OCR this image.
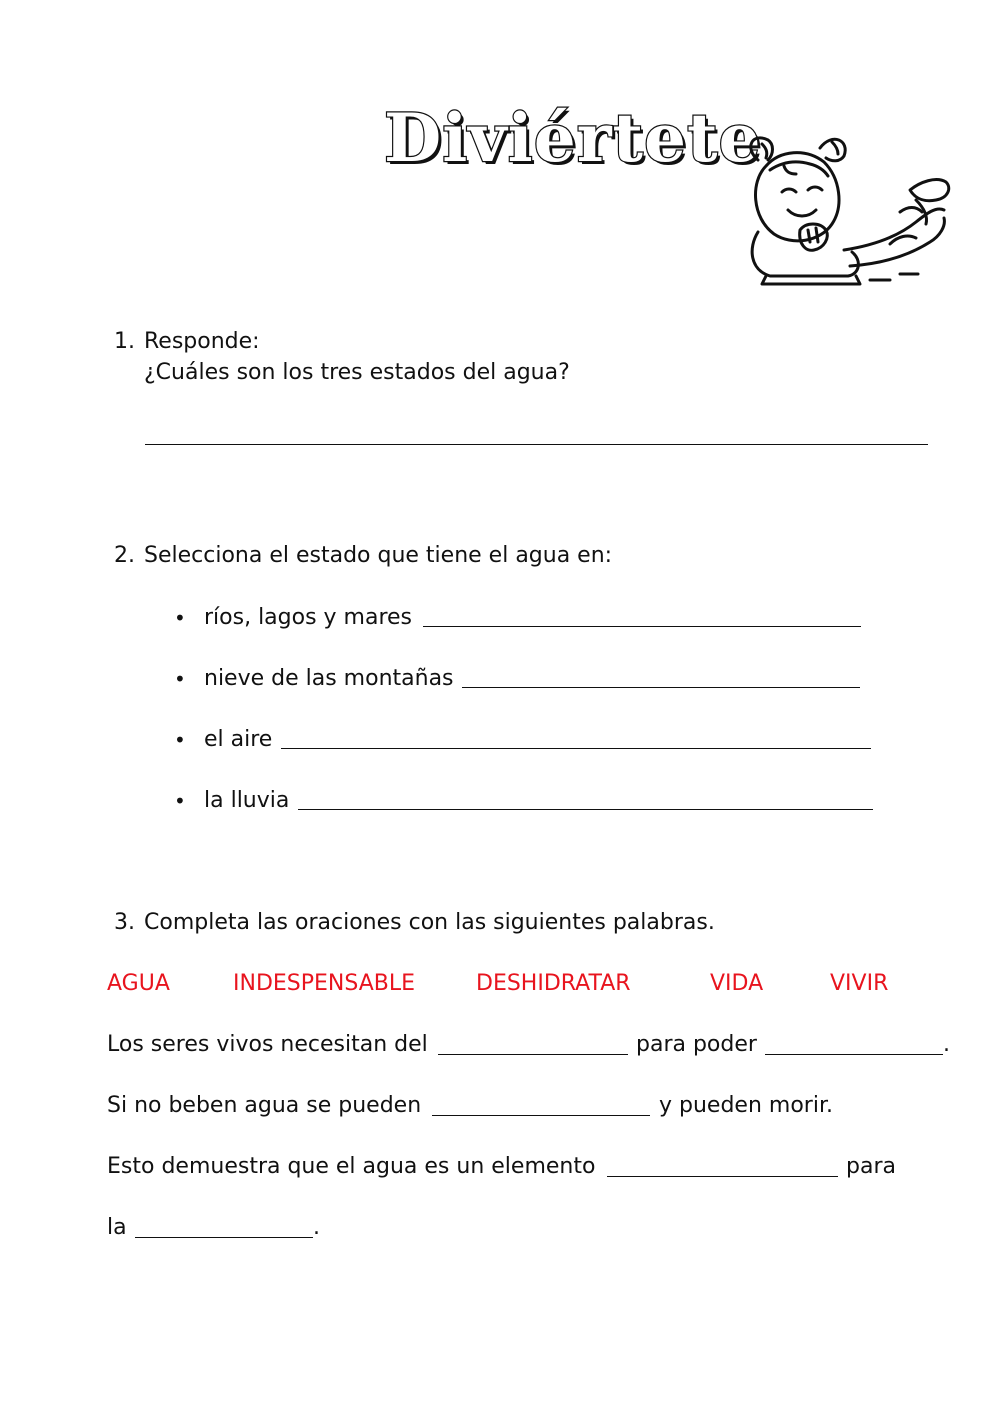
Diviértete
1. Responde:
¿Cuáles son los tres estados del agua?
2. Selecciona el estado que tiene el agua en:
• ríos, lagos y mares
• nieve de las montañas
• el aire
• la lluvia
3. Completa las oraciones con las siguientes palabras.
AGUA	INDESPENSABLE	DESHIDRATAR	VIDA	VIVIR
Los seres vivos necesitan del	para poder	.
Si no beben agua se pueden	y pueden morir.
Esto demuestra que el agua es un elemento	para
la	.
